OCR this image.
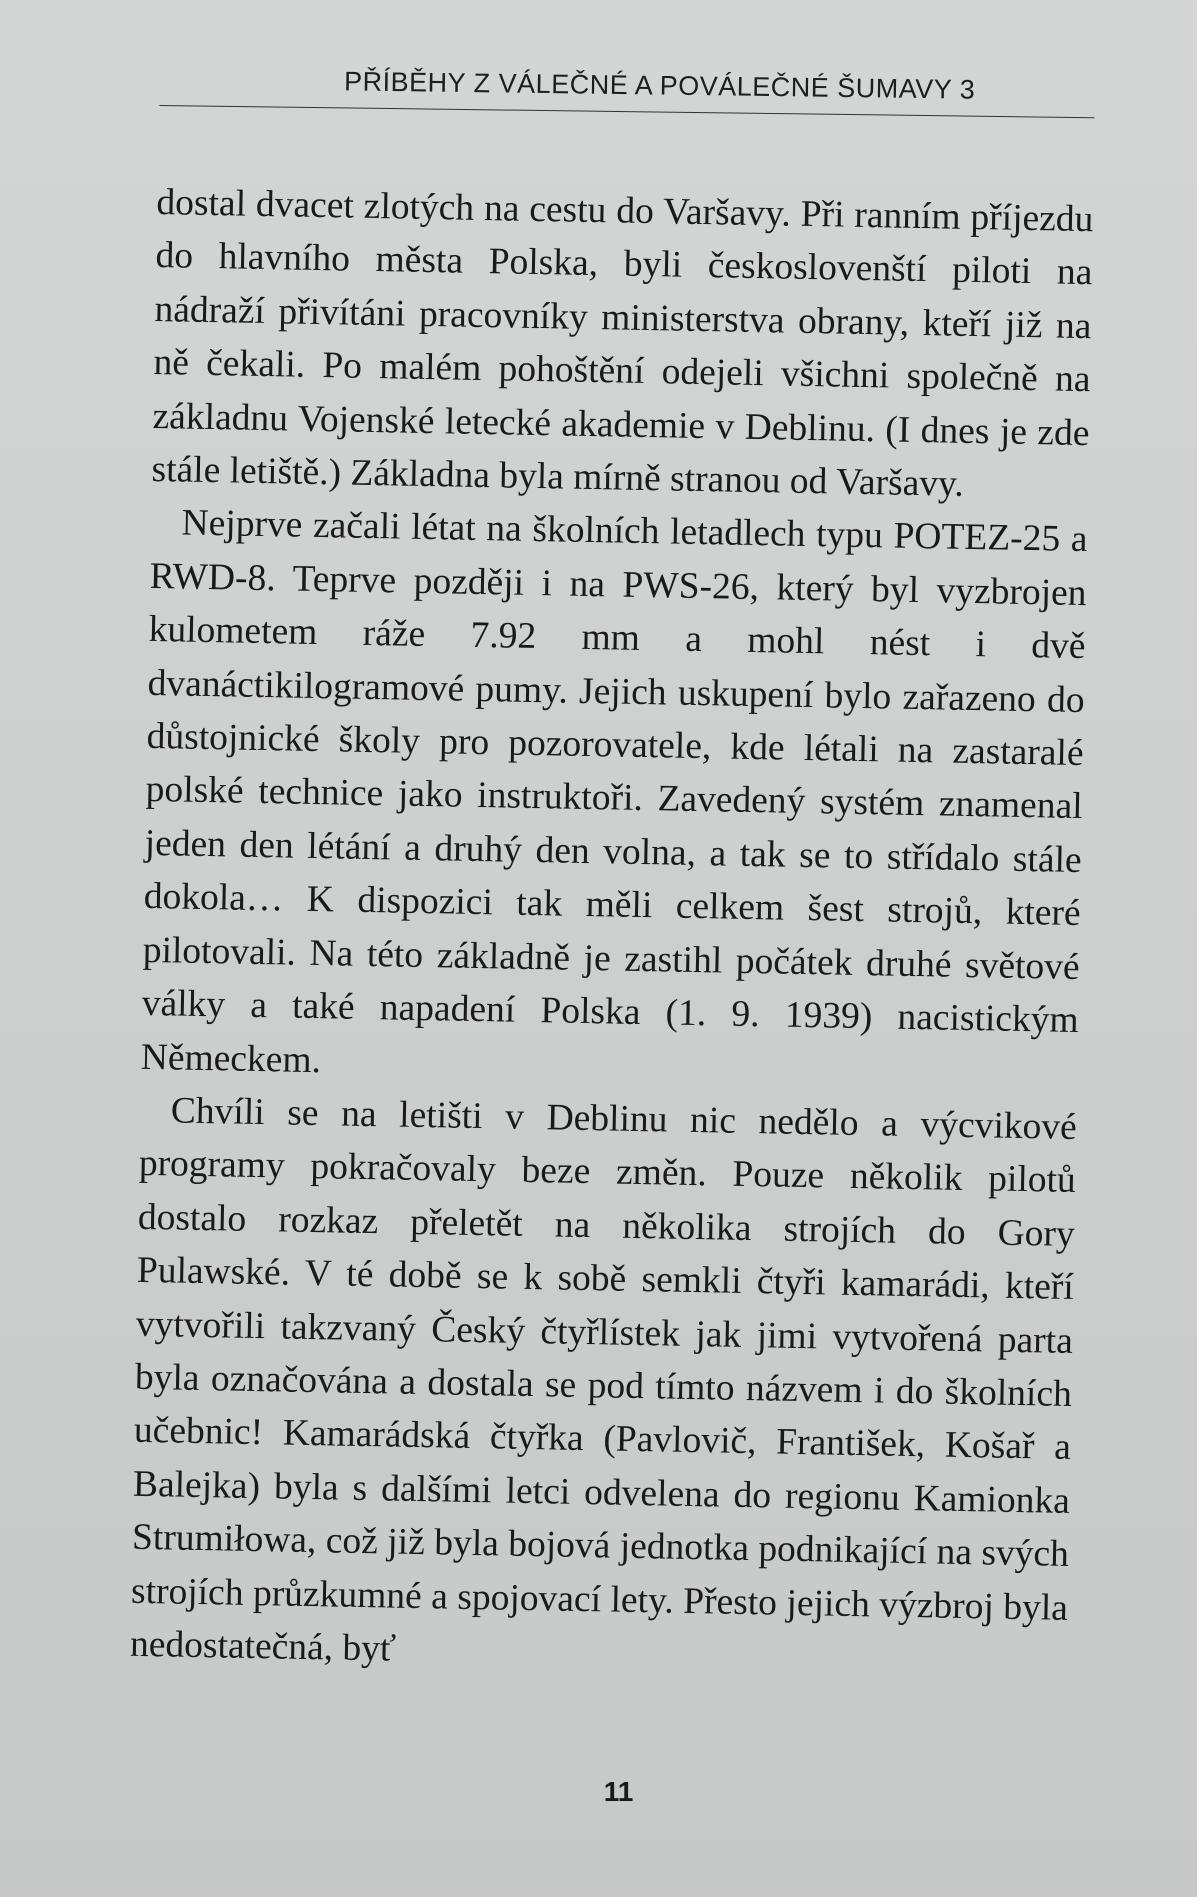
PŘÍBĚHY Z VÁLEČNÉ A POVÁLEČNÉ ŠUMAVY 3

dostal dvacet zlotých na cestu do Varšavy. Při ranním příjezdu do hlavního města Polska, byli českoslovenští piloti na nádraží přivítáni pracovníky ministerstva obrany, kteří již na ně čekali. Po malém pohoštění odejeli všichni společně na základnu Vojenské letecké akademie v Deblinu. (I dnes je zde stále letiště.) Základna byla mírně stranou od Varšavy.

Nejprve začali létat na školních letadlech typu POTEZ-25 a RWD-8. Teprve později i na PWS-26, který byl vyzbrojen kulometem ráže 7.92 mm a mohl nést i dvě dvanáctikilogramové pumy. Jejich uskupení bylo zařazeno do důstojnické školy pro pozorovatele, kde létali na zastaralé polské technice jako instruktoři. Zavedený systém znamenal jeden den létání a druhý den volna, a tak se to střídalo stále dokola… K dispozici tak měli celkem šest strojů, které pilotovali. Na této základně je zastihl počátek druhé světové války a také napadení Polska (1. 9. 1939) nacistickým Německem.

Chvíli se na letišti v Deblinu nic nedělo a výcvikové programy pokračovaly beze změn. Pouze několik pilotů dostalo rozkaz přeletět na několika strojích do Gory Pulawské. V té době se k sobě semkli čtyři kamarádi, kteří vytvořili takzvaný Český čtyřlístek jak jimi vytvořená parta byla označována a dostala se pod tímto názvem i do školních učebnic! Kamarádská čtyřka (Pavlovič, František, Košař a Balejka) byla s dalšími letci odvelena do regionu Kamionka Strumiłowa, což již byla bojová jednotka podnikající na svých strojích průzkumné a spojovací lety. Přesto jejich výzbroj byla nedostatečná, byť

11
